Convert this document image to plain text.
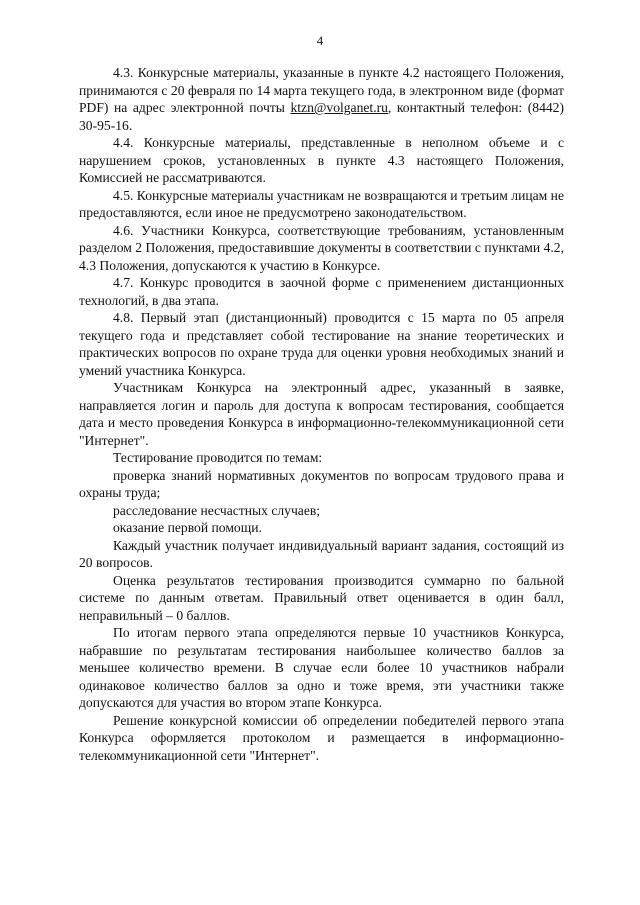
4

4.3. Конкурсные материалы, указанные в пункте 4.2 настоящего Положения, принимаются с 20 февраля по 14 марта текущего года, в электронном виде (формат PDF) на адрес электронной почты ktzn@volganet.ru, контактный телефон: (8442) 30-95-16.

4.4. Конкурсные материалы, представленные в неполном объеме и с нарушением сроков, установленных в пункте 4.3 настоящего Положения, Комиссией не рассматриваются.

4.5. Конкурсные материалы участникам не возвращаются и третьим лицам не предоставляются, если иное не предусмотрено законодательством.

4.6. Участники Конкурса, соответствующие требованиям, установленным разделом 2 Положения, предоставившие документы в соответствии с пунктами 4.2, 4.3 Положения, допускаются к участию в Конкурсе.

4.7. Конкурс проводится в заочной форме с применением дистанционных технологий, в два этапа.

4.8. Первый этап (дистанционный) проводится с 15 марта по 05 апреля текущего года и представляет собой тестирование на знание теоретических и практических вопросов по охране труда для оценки уровня необходимых знаний и умений участника Конкурса.

Участникам Конкурса на электронный адрес, указанный в заявке, направляется логин и пароль для доступа к вопросам тестирования, сообщается дата и место проведения Конкурса в информационно-телекоммуникационной сети "Интернет".

Тестирование проводится по темам:

проверка знаний нормативных документов по вопросам трудового права и охраны труда;

расследование несчастных случаев;

оказание первой помощи.

Каждый участник получает индивидуальный вариант задания, состоящий из 20 вопросов.

Оценка результатов тестирования производится суммарно по бальной системе по данным ответам. Правильный ответ оценивается в один балл, неправильный – 0 баллов.

По итогам первого этапа определяются первые 10 участников Конкурса, набравшие по результатам тестирования наибольшее количество баллов за меньшее количество времени. В случае если более 10 участников набрали одинаковое количество баллов за одно и тоже время, эти участники также допускаются для участия во втором этапе Конкурса.

Решение конкурсной комиссии об определении победителей первого этапа Конкурса оформляется протоколом и размещается в информационно-телекоммуникационной сети "Интернет".
